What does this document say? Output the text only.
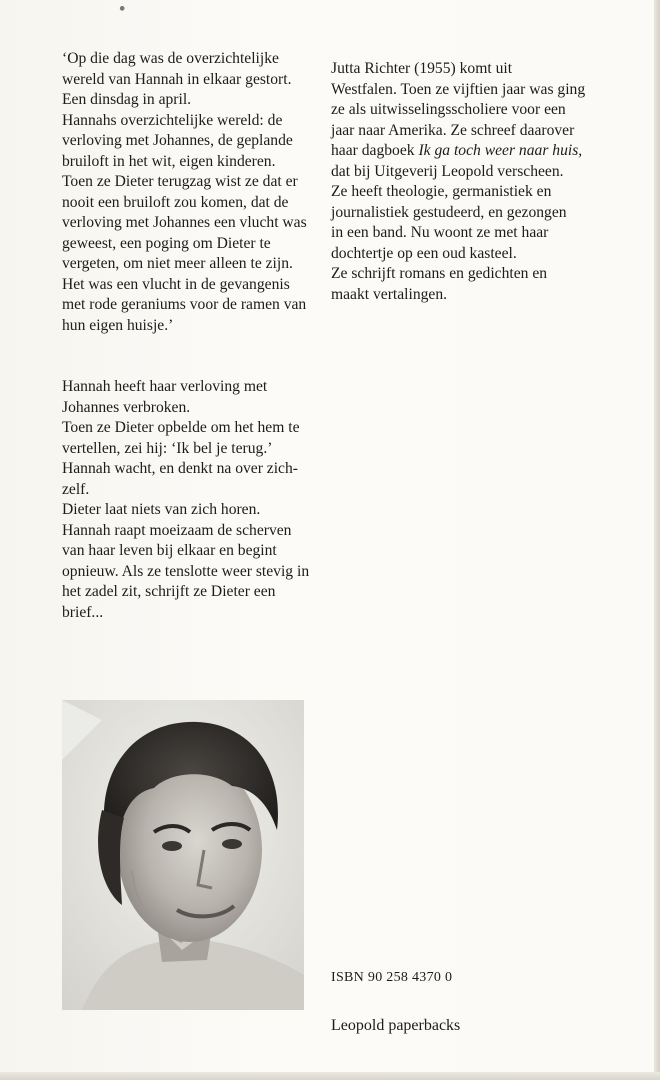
⚫
‘Op die dag was de overzichtelijke
wereld van Hannah in elkaar gestort.
Een dinsdag in april.
Hannahs overzichtelijke wereld: de
verloving met Johannes, de geplande
bruiloft in het wit, eigen kinderen.
Toen ze Dieter terugzag wist ze dat er
nooit een bruiloft zou komen, dat de
verloving met Johannes een vlucht was
geweest, een poging om Dieter te
vergeten, om niet meer alleen te zijn.
Het was een vlucht in de gevangenis
met rode geraniums voor de ramen van
hun eigen huisje.’
Hannah heeft haar verloving met
Johannes verbroken.
Toen ze Dieter opbelde om het hem te
vertellen, zei hij: ‘Ik bel je terug.’
Hannah wacht, en denkt na over zich-
zelf.
Dieter laat niets van zich horen.
Hannah raapt moeizaam de scherven
van haar leven bij elkaar en begint
opnieuw. Als ze tenslotte weer stevig in
het zadel zit, schrijft ze Dieter een
brief...
Jutta Richter (1955) komt uit
Westfalen. Toen ze vijftien jaar was ging
ze als uitwisselingsscholiere voor een
jaar naar Amerika. Ze schreef daarover
haar dagboek Ik ga toch weer naar huis,
dat bij Uitgeverij Leopold verscheen.
Ze heeft theologie, germanistiek en
journalistiek gestudeerd, en gezongen
in een band. Nu woont ze met haar
dochtertje op een oud kasteel.
Ze schrijft romans en gedichten en
maakt vertalingen.
ISBN 90 258 4370 0
Leopold paperbacks
